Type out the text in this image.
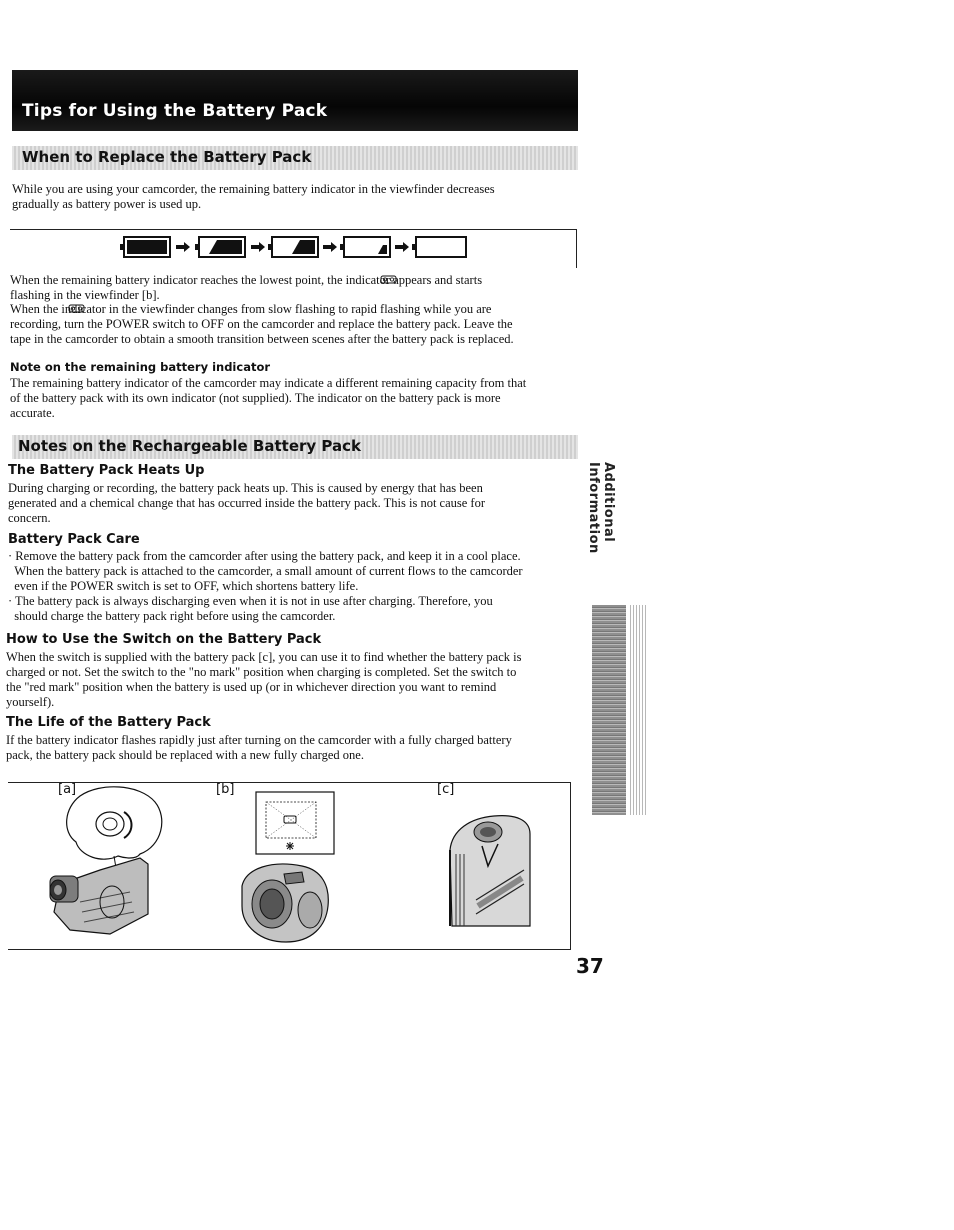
Tips for Using the Battery Pack
When to Replace the Battery Pack
While you are using your camcorder, the remaining battery indicator in the viewfinder decreases
gradually as battery power is used up.
When the remaining battery indicator reaches the lowest point, the indicator appears and starts
flashing in the viewfinder [b].
When the indicator in the viewfinder changes from slow flashing to rapid flashing while you are
recording, turn the POWER switch to OFF on the camcorder and replace the battery pack. Leave the
tape in the camcorder to obtain a smooth transition between scenes after the battery pack is replaced.
Note on the remaining battery indicator
The remaining battery indicator of the camcorder may indicate a different remaining capacity from that
of the battery pack with its own indicator (not supplied). The indicator on the battery pack is more
accurate.
Notes on the Rechargeable Battery Pack
The Battery Pack Heats Up
During charging or recording, the battery pack heats up. This is caused by energy that has been
generated and a chemical change that has occurred inside the battery pack. This is not cause for
concern.
Battery Pack Care
· Remove the battery pack from the camcorder after using the battery pack, and keep it in a cool place.
When the battery pack is attached to the camcorder, a small amount of current flows to the camcorder
even if the POWER switch is set to OFF, which shortens battery life.
· The battery pack is always discharging even when it is not in use after charging. Therefore, you
should charge the battery pack right before using the camcorder.
How to Use the Switch on the Battery Pack
When the switch is supplied with the battery pack [c], you can use it to find whether the battery pack is
charged or not. Set the switch to the "no mark" position when charging is completed. Set the switch to
the "red mark" position when the battery is used up (or in whichever direction you want to remind
yourself).
The Life of the Battery Pack
If the battery indicator flashes rapidly just after turning on the camcorder with a fully charged battery
pack, the battery pack should be replaced with a new fully charged one.
Additional Information
[a]	[b]	[c]
37
